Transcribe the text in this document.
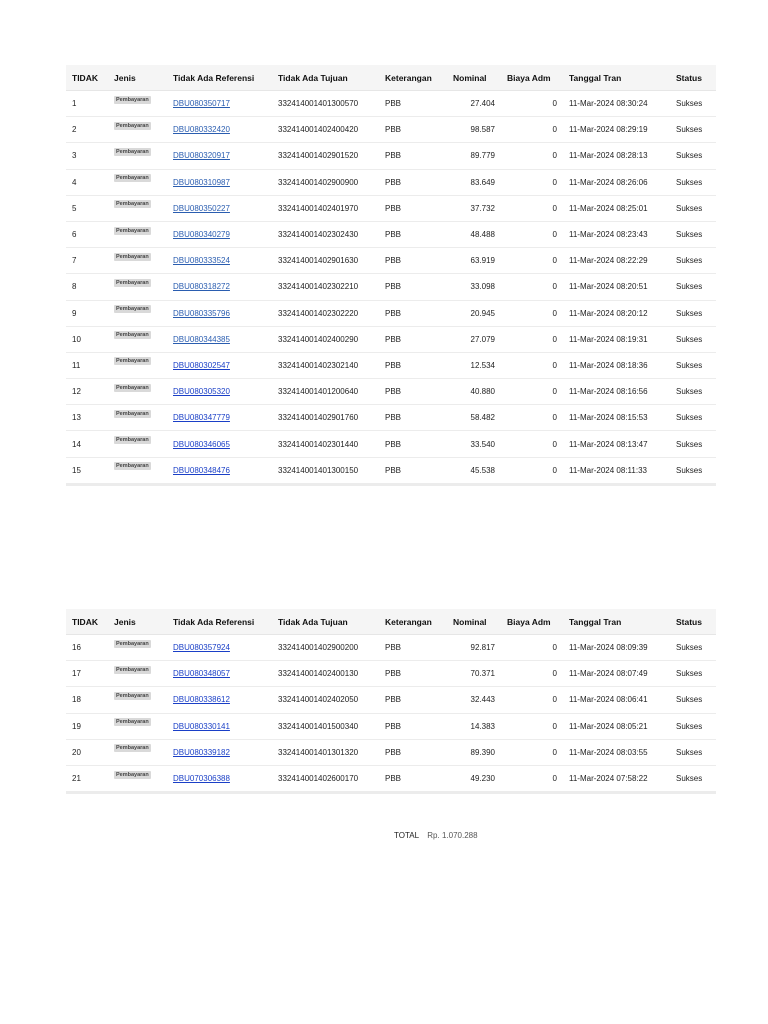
TIDAK	Jenis	Tidak Ada Referensi	Tidak Ada Tujuan	Keterangan	Nominal	Biaya Adm	Tanggal Tran	Status
1	Pembayaran	DBU080350717	332414001401300570	PBB	27.404	0	11-Mar-2024 08:30:24	Sukses
2	Pembayaran	DBU080332420	332414001402400420	PBB	98.587	0	11-Mar-2024 08:29:19	Sukses
3	Pembayaran	DBU080320917	332414001402901520	PBB	89.779	0	11-Mar-2024 08:28:13	Sukses
4	Pembayaran	DBU080310987	332414001402900900	PBB	83.649	0	11-Mar-2024 08:26:06	Sukses
5	Pembayaran	DBU080350227	332414001402401970	PBB	37.732	0	11-Mar-2024 08:25:01	Sukses
6	Pembayaran	DBU080340279	332414001402302430	PBB	48.488	0	11-Mar-2024 08:23:43	Sukses
7	Pembayaran	DBU080333524	332414001402901630	PBB	63.919	0	11-Mar-2024 08:22:29	Sukses
8	Pembayaran	DBU080318272	332414001402302210	PBB	33.098	0	11-Mar-2024 08:20:51	Sukses
9	Pembayaran	DBU080335796	332414001402302220	PBB	20.945	0	11-Mar-2024 08:20:12	Sukses
10	Pembayaran	DBU080344385	332414001402400290	PBB	27.079	0	11-Mar-2024 08:19:31	Sukses
11	Pembayaran	DBU080302547	332414001402302140	PBB	12.534	0	11-Mar-2024 08:18:36	Sukses
12	Pembayaran	DBU080305320	332414001401200640	PBB	40.880	0	11-Mar-2024 08:16:56	Sukses
13	Pembayaran	DBU080347779	332414001402901760	PBB	58.482	0	11-Mar-2024 08:15:53	Sukses
14	Pembayaran	DBU080346065	332414001402301440	PBB	33.540	0	11-Mar-2024 08:13:47	Sukses
15	Pembayaran	DBU080348476	332414001401300150	PBB	45.538	0	11-Mar-2024 08:11:33	Sukses
TIDAK	Jenis	Tidak Ada Referensi	Tidak Ada Tujuan	Keterangan	Nominal	Biaya Adm	Tanggal Tran	Status
16	Pembayaran	DBU080357924	332414001402900200	PBB	92.817	0	11-Mar-2024 08:09:39	Sukses
17	Pembayaran	DBU080348057	332414001402400130	PBB	70.371	0	11-Mar-2024 08:07:49	Sukses
18	Pembayaran	DBU080338612	332414001402402050	PBB	32.443	0	11-Mar-2024 08:06:41	Sukses
19	Pembayaran	DBU080330141	332414001401500340	PBB	14.383	0	11-Mar-2024 08:05:21	Sukses
20	Pembayaran	DBU080339182	332414001401301320	PBB	89.390	0	11-Mar-2024 08:03:55	Sukses
21	Pembayaran	DBU070306388	332414001402600170	PBB	49.230	0	11-Mar-2024 07:58:22	Sukses
TOTAL Rp. 1.070.288
